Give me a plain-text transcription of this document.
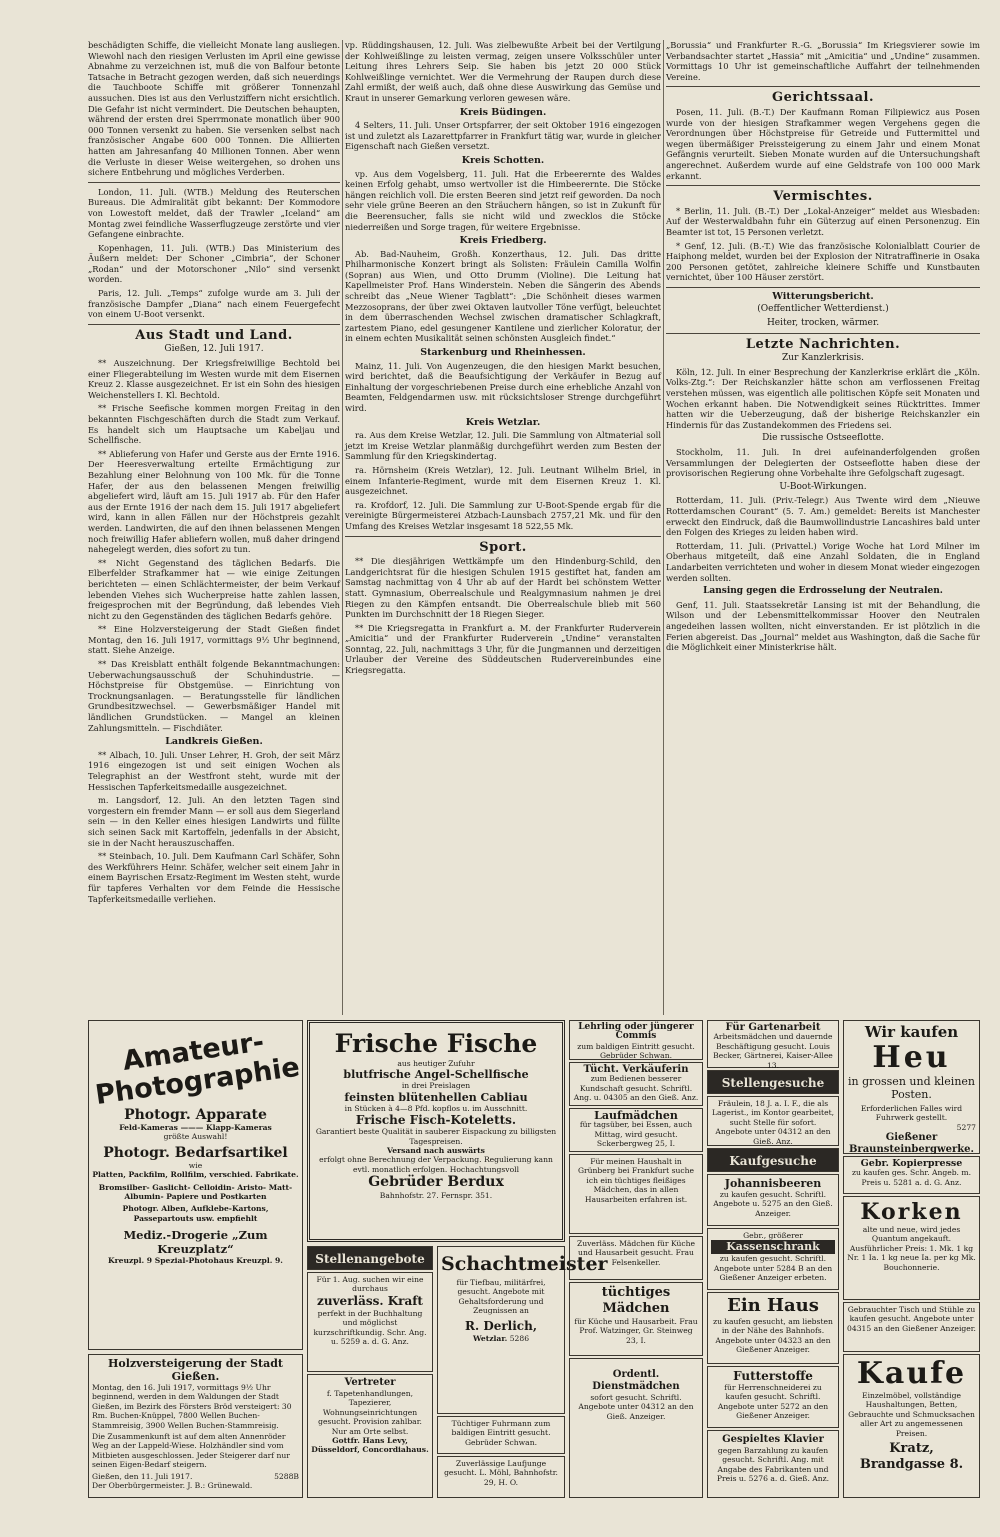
beschädigten Schiffe, die vielleicht Monate lang ausliegen. Wiewohl nach den riesigen Verlusten im April eine gewisse Abnahme zu verzeichnen ist, muß die von Balfour betonte Tatsache in Betracht gezogen werden, daß sich neuerdings die Tauchboote Schiffe mit größerer Tonnenzahl aussuchen. Dies ist aus den Verlustziffern nicht ersichtlich. Die Gefahr ist nicht vermindert. Die Deutschen behaupten, während der ersten drei Sperrmonate monatlich über 900 000 Tonnen versenkt zu haben. Sie versenken selbst nach französischer Angabe 600 000 Tonnen. Die Alliierten hatten am Jahresanfang 40 Millionen Tonnen. Aber wenn die Verluste in dieser Weise weitergehen, so drohen uns sichere Entbehrung und mögliches Verderben.

London, 11. Juli. (WTB.) Meldung des Reuterschen Bureaus. Die Admiralität gibt bekannt: Der Kommodore von Lowestoft meldet, daß der Trawler „Iceland“ am Montag zwei feindliche Wasserflugzeuge zerstörte und vier Gefangene einbrachte.

Kopenhagen, 11. Juli. (WTB.) Das Ministerium des Äußern meldet: Der Schoner „Cimbria“, der Schoner „Rodan“ und der Motorschoner „Nilo“ sind versenkt worden.

Paris, 12. Juli. „Temps“ zufolge wurde am 3. Juli der französische Dampfer „Diana“ nach einem Feuergefecht von einem U-Boot versenkt.

Aus Stadt und Land.
Gießen, 12. Juli 1917.

** Auszeichnung. Der Kriegsfreiwillige Bechtold bei einer Fliegerabteilung im Westen wurde mit dem Eisernen Kreuz 2. Klasse ausgezeichnet. Er ist ein Sohn des hiesigen Weichenstellers I. Kl. Bechtold.

** Frische Seefische kommen morgen Freitag in den bekannten Fischgeschäften durch die Stadt zum Verkauf. Es handelt sich um Hauptsache um Kabeljau und Schellfische.

** Ablieferung von Hafer und Gerste aus der Ernte 1916. Der Heeresverwaltung erteilte Ermächtigung zur Bezahlung einer Belohnung von 100 Mk. für die Tonne Hafer, der aus den belassenen Mengen freiwillig abgeliefert wird, läuft am 15. Juli 1917 ab. Für den Hafer aus der Ernte 1916 der nach dem 15. Juli 1917 abgeliefert wird, kann in allen Fällen nur der Höchstpreis gezahlt werden. Landwirten, die auf den ihnen belassenen Mengen noch freiwillig Hafer abliefern wollen, muß daher dringend nahegelegt werden, dies sofort zu tun.

** Nicht Gegenstand des täglichen Bedarfs. Die Elberfelder Strafkammer hat — wie einige Zeitungen berichteten — einen Schlächtermeister, der beim Verkauf lebenden Viehes sich Wucherpreise hatte zahlen lassen, freigesprochen mit der Begründung, daß lebendes Vieh nicht zu den Gegenständen des täglichen Bedarfs gehöre.

** Eine Holzversteigerung der Stadt Gießen findet Montag, den 16. Juli 1917, vormittags 9½ Uhr beginnend, statt. Siehe Anzeige.

** Das Kreisblatt enthält folgende Bekanntmachungen: Ueberwachungsausschuß der Schuhindustrie. — Höchstpreise für Obstgemüse. — Einrichtung von Trocknungsanlagen. — Beratungsstelle für ländlichen Grundbesitzwechsel. — Gewerbsmäßiger Handel mit ländlichen Grundstücken. — Mangel an kleinen Zahlungsmitteln. — Fischdiäter.

Landkreis Gießen.

** Albach, 10. Juli. Unser Lehrer, H. Groh, der seit März 1916 eingezogen ist und seit einigen Wochen als Telegraphist an der Westfront steht, wurde mit der Hessischen Tapferkeitsmedaille ausgezeichnet.

m. Langsdorf, 12. Juli. An den letzten Tagen sind vorgestern ein fremder Mann — er soll aus dem Siegerland sein — in den Keller eines hiesigen Landwirts und füllte sich seinen Sack mit Kartoffeln, jedenfalls in der Absicht, sie in der Nacht herauszuschaffen.

** Steinbach, 10. Juli. Dem Kaufmann Carl Schäfer, Sohn des Werkführers Heinr. Schäfer, welcher seit einem Jahr in einem Bayrischen Ersatz-Regiment im Westen steht, wurde für tapferes Verhalten vor dem Feinde die Hessische Tapferkeitsmedaille verliehen.

vp. Rüddingshausen, 12. Juli. Was zielbewußte Arbeit bei der Vertilgung der Kohlweißlinge zu leisten vermag, zeigen unsere Volksschüler unter Leitung ihres Lehrers Seip. Sie haben bis jetzt 20 000 Stück Kohlweißlinge vernichtet. Wer die Vermehrung der Raupen durch diese Zahl ermißt, der weiß auch, daß ohne diese Auswirkung das Gemüse und Kraut in unserer Gemarkung verloren gewesen wäre.

Kreis Büdingen.

4 Selters, 11. Juli. Unser Ortspfarrer, der seit Oktober 1916 eingezogen ist und zuletzt als Lazarettpfarrer in Frankfurt tätig war, wurde in gleicher Eigenschaft nach Gießen versetzt.

Kreis Schotten.

vp. Aus dem Vogelsberg, 11. Juli. Hat die Erbeerernte des Waldes keinen Erfolg gehabt, umso wertvoller ist die Himbeerernte. Die Stöcke hängen reichlich voll. Die ersten Beeren sind jetzt reif geworden. Da noch sehr viele grüne Beeren an den Sträuchern hängen, so ist in Zukunft für die Beerensucher, falls sie nicht wild und zwecklos die Stöcke niederreißen und Sorge tragen, für weitere Ergebnisse.

Kreis Friedberg.

Ab. Bad-Nauheim, Großh. Konzerthaus, 12. Juli. Das dritte Philharmonische Konzert bringt als Solisten: Fräulein Camilla Wolfin (Sopran) aus Wien, und Otto Drumm (Violine). Die Leitung hat Kapellmeister Prof. Hans Winderstein. Neben die Sängerin des Abends schreibt das „Neue Wiener Tagblatt“: „Die Schönheit dieses warmen Mezzosoprans, der über zwei Oktaven lautvoller Töne verfügt, beleuchtet in dem überraschenden Wechsel zwischen dramatischer Schlagkraft, zartestem Piano, edel gesungener Kantilene und zierlicher Koloratur, der in einem echten Musikalität seinen schönsten Ausgleich findet.“

Starkenburg und Rheinhessen.

Mainz, 11. Juli. Von Augenzeugen, die den hiesigen Markt besuchen, wird berichtet, daß die Beaufsichtigung der Verkäufer in Bezug auf Einhaltung der vorgeschriebenen Preise durch eine erhebliche Anzahl von Beamten, Feldgendarmen usw. mit rücksichtsloser Strenge durchgeführt wird.

Kreis Wetzlar.

ra. Aus dem Kreise Wetzlar, 12. Juli. Die Sammlung von Altmaterial soll jetzt im Kreise Wetzlar planmäßig durchgeführt werden zum Besten der Sammlung für den Kriegskindertag.

ra. Hörnsheim (Kreis Wetzlar), 12. Juli. Leutnant Wilhelm Briel, in einem Infanterie-Regiment, wurde mit dem Eisernen Kreuz 1. Kl. ausgezeichnet.

ra. Krofdorf, 12. Juli. Die Sammlung zur U-Boot-Spende ergab für die vereinigte Bürgermeisterei Atzbach-Launsbach 2757,21 Mk. und für den Umfang des Kreises Wetzlar insgesamt 18 522,55 Mk.

Sport.

** Die diesjährigen Wettkämpfe um den Hindenburg-Schild, den Landgerichtsrat für die hiesigen Schulen 1915 gestiftet hat, fanden am Samstag nachmittag von 4 Uhr ab auf der Hardt bei schönstem Wetter statt. Gymnasium, Oberrealschule und Realgymnasium nahmen je drei Riegen zu den Kämpfen entsandt. Die Oberrealschule blieb mit 560 Punkten im Durchschnitt der 18 Riegen Sieger.

** Die Kriegsregatta in Frankfurt a. M. der Frankfurter Ruderverein „Amicitia“ und der Frankfurter Ruderverein „Undine“ veranstalten Sonntag, 22. Juli, nachmittags 3 Uhr, für die Jungmannen und derzeitigen Urlauber der Vereine des Süddeutschen Rudervereinbundes eine Kriegsregatta.

„Borussia“ und Frankfurter R.-G. „Borussia“ Im Kriegsvierer sowie im Verbandsachter startet „Hassia“ mit „Amicitia“ und „Undine“ zusammen. Vormittags 10 Uhr ist gemeinschaftliche Auffahrt der teilnehmenden Vereine.

Gerichtssaal.

Posen, 11. Juli. (B.-T.) Der Kaufmann Roman Filipiewicz aus Posen wurde von der hiesigen Strafkammer wegen Vergehens gegen die Verordnungen über Höchstpreise für Getreide und Futtermittel und wegen übermäßiger Preissteigerung zu einem Jahr und einem Monat Gefängnis verurteilt. Sieben Monate wurden auf die Untersuchungshaft angerechnet. Außerdem wurde auf eine Geldstrafe von 100 000 Mark erkannt.

Vermischtes.

* Berlin, 11. Juli. (B.-T.) Der „Lokal-Anzeiger“ meldet aus Wiesbaden: Auf der Westerwaldbahn fuhr ein Güterzug auf einen Personenzug. Ein Beamter ist tot, 15 Personen verletzt.

* Genf, 12. Juli. (B.-T.) Wie das französische Kolonialblatt Courier de Haiphong meldet, wurden bei der Explosion der Nitratraffinerie in Osaka 200 Personen getötet, zahlreiche kleinere Schiffe und Kunstbauten vernichtet, über 100 Häuser zerstört.

Witterungsbericht.
(Oeffentlicher Wetterdienst.)
Heiter, trocken, wärmer.
Letzte Nachrichten.
Zur Kanzlerkrisis.

Köln, 12. Juli. In einer Besprechung der Kanzlerkrise erklärt die „Köln. Volks-Ztg.“: Der Reichskanzler hätte schon am verflossenen Freitag verstehen müssen, was eigentlich alle politischen Köpfe seit Monaten und Wochen erkannt haben. Die Notwendigkeit seines Rücktrittes. Immer hatten wir die Ueberzeugung, daß der bisherige Reichskanzler ein Hindernis für das Zustandekommen des Friedens sei.

Die russische Ostseeflotte.

Stockholm, 11. Juli. In drei aufeinanderfolgenden großen Versammlungen der Delegierten der Ostseeflotte haben diese der provisorischen Regierung ohne Vorbehalte ihre Gefolgschaft zugesagt.

U-Boot-Wirkungen.

Rotterdam, 11. Juli. (Priv.-Telegr.) Aus Twente wird dem „Nieuwe Rotterdamschen Courant“ (5. 7. Am.) gemeldet: Bereits ist Manchester erweckt den Eindruck, daß die Baumwollindustrie Lancashires bald unter den Folgen des Krieges zu leiden haben wird.

Rotterdam, 11. Juli. (Privattel.) Vorige Woche hat Lord Milner im Oberhaus mitgeteilt, daß eine Anzahl Soldaten, die in England Landarbeiten verrichteten und woher in diesem Monat wieder eingezogen werden sollten.

Lansing gegen die Erdrosselung der Neutralen.

Genf, 11. Juli. Staatssekretär Lansing ist mit der Behandlung, die Wilson und der Lebensmittelkommissar Hoover den Neutralen angedeihen lassen wollten, nicht einverstanden. Er ist plötzlich in die Ferien abgereist. Das „Journal“ meldet aus Washington, daß die Sache für die Möglichkeit einer Ministerkrise hält.

Amateur-Photographie
Photogr. Apparate
Feld-Kameras ——— Klapp-Kameras
größte Auswahl!
Photogr. Bedarfsartikel
wie
Platten, Packfilm, Rollfilm, verschied. Fabrikate.
Bromsilber- Gaslicht- Celloidin- Aristo- Matt-Albumin- Papiere und Postkarten
Photogr. Alben, Aufklebe-Kartons, Passepartouts usw. empfiehlt
Mediz.-Drogerie „Zum Kreuzplatz“
Kreuzpl. 9 Spezial-Photohaus Kreuzpl. 9.
Holzversteigerung der Stadt Gießen.
Montag, den 16. Juli 1917, vormittags 9½ Uhr beginnend, werden in dem Waldungen der Stadt Gießen, im Bezirk des Försters Bröd versteigert: 30 Rm. Buchen-Knüppel, 7800 Wellen Buchen-Stammreisig, 3900 Wellen Buchen-Stammreisig.
Die Zusammenkunft ist auf dem alten Annenröder Weg an der Lappeld-Wiese. Holzhändler sind vom Mitbieten ausgeschlossen. Jeder Steigerer darf nur seinen Eigen-Bedarf steigern.
Gießen, den 11. Juli 1917.	5288B
Der Oberbürgermeister. J. B.: Grünewald.
Frische Fische
aus heutiger Zufuhr
blutfrische Angel-Schellfische
in drei Preislagen
feinsten blütenhellen Cabliau
in Stücken à 4—8 Pfd. kopflos u. im Ausschnitt.
Frische Fisch-Koteletts.
Garantiert beste Qualität in sauberer Eispackung zu billigsten Tagespreisen.
Versand nach auswärts
erfolgt ohne Berechnung der Verpackung. Regulierung kann evtl. monatlich erfolgen. Hochachtungsvoll
Gebrüder Berdux
Bahnhofstr. 27. Fernspr. 351.
Stellenangebote
Für 1. Aug. suchen wir eine durchaus
zuverläss. Kraft
perfekt in der Buchhaltung und möglichst kurzschriftkundig. Schr. Ang. u. 5259 a. d. G. Anz.
Vertreter
f. Tapetenhandlungen, Tapezierer, Wohnungseinrichtungen gesucht. Provision zahlbar. Nur am Orte selbst.
Gottfr. Hans Levy, Düsseldorf, Concordiahaus.
Schachtmeister
für Tiefbau, militärfrei, gesucht. Angebote mit Gehaltsforderung und Zeugnissen an
R. Derlich,
Wetzlar. 5286
Tüchtiger Fuhrmann zum baldigen Eintritt gesucht. Gebrüder Schwan.
Zuverlässige Laufjunge gesucht. L. Möhl, Bahnhofstr. 29, H. O.
Lehrling oder jüngerer Commis
zum baldigen Eintritt gesucht. Gebrüder Schwan.
Tücht. Verkäuferin
zum Bedienen besserer Kundschaft gesucht. Schriftl. Ang. u. 04305 an den Gieß. Anz.
Laufmädchen
für tagsüber, bei Essen, auch Mittag, wird gesucht. Sckerbergweg 25, I.
Für meinen Haushalt in Grünberg bei Frankfurt suche ich ein tüchtiges fleißiges Mädchen, das in allen Hausarbeiten erfahren ist.
Zuverläss. Mädchen für Küche und Hausarbeit gesucht. Frau Felsenkeller.
tüchtiges Mädchen
für Küche und Hausarbeit. Frau Prof. Watzinger, Gr. Steinweg 23, I.
Ordentl. Dienstmädchen
sofort gesucht. Schriftl. Angebote unter 04312 an den Gieß. Anzeiger.
Für Gartenarbeit
Arbeitsmädchen und dauernde Beschäftigung gesucht. Louis Becker, Gärtnerei, Kaiser-Allee 13.
Stellengesuche
Fräulein, 18 J. a. I. F., die als Lagerist., im Kontor gearbeitet, sucht Stelle für sofort. Angebote unter 04312 an den Gieß. Anz.
Kaufgesuche
Johannisbeeren
zu kaufen gesucht. Schriftl. Angebote u. 5275 an den Gieß. Anzeiger.
Gebr., größerer
Kassenschrank
zu kaufen gesucht. Schriftl. Angebote unter 5284 B an den Gießener Anzeiger erbeten.
Ein Haus
zu kaufen gesucht, am liebsten in der Nähe des Bahnhofs. Angebote unter 04323 an den Gießener Anzeiger.
Futterstoffe
für Herrenschneiderei zu kaufen gesucht. Schriftl. Angebote unter 5272 an den Gießener Anzeiger.
Gespieltes Klavier
gegen Barzahlung zu kaufen gesucht. Schriftl. Ang. mit Angabe des Fabrikanten und Preis u. 5276 a. d. Gieß. Anz.
Wir kaufen
Heu
in grossen und kleinen Posten.
Erforderlichen Falles wird Fuhrwerk gestellt.
5277
Gießener Braunsteinbergwerke.
Gebr. Kopierpresse
zu kaufen ges. Schr. Angeb. m. Preis u. 5281 a. d. G. Anz.
Korken
alte und neue, wird jedes Quantum angekauft. Ausführlicher Preis: 1. Mk. 1 kg Nr. 1 Ia. 1 kg neue Ia. per kg Mk. Bouchonnerie.
Gebrauchter Tisch und Stühle zu kaufen gesucht. Angebote unter 04315 an den Gießener Anzeiger.
Kaufe
Einzelmöbel, vollständige Haushaltungen, Betten, Gebrauchte und Schmucksachen aller Art zu angemessenen Preisen.
Kratz, Brandgasse 8.
